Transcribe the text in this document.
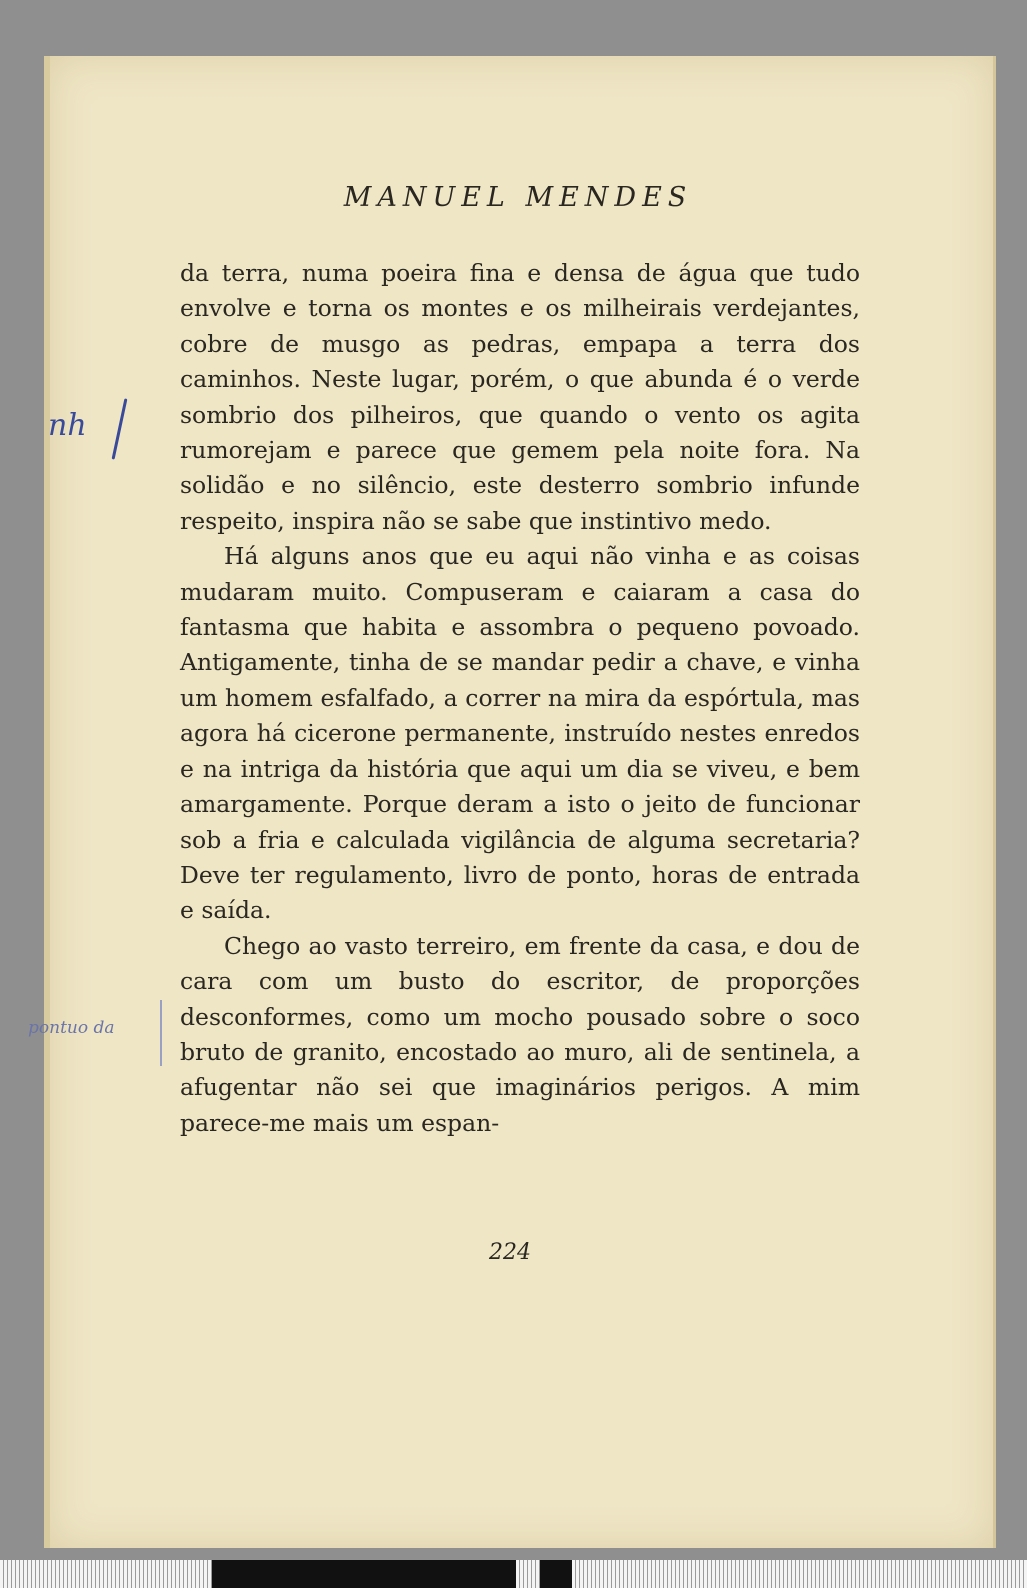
MANUEL MENDES

da terra, numa poeira fina e densa de água que tudo envolve e torna os montes e os milheirais verdejantes, cobre de musgo as pedras, empapa a terra dos caminhos. Neste lugar, porém, o que abunda é o verde sombrio dos pilheiros, que quando o vento os agita rumorejam e parece que gemem pela noite fora. Na solidão e no silêncio, este desterro sombrio infunde respeito, inspira não se sabe que instintivo medo.

Há alguns anos que eu aqui não vinha e as coisas mudaram muito. Compuseram e caiaram a casa do fantasma que habita e assombra o pequeno povoado. Antigamente, tinha de se mandar pedir a chave, e vinha um homem esfalfado, a correr na mira da espórtula, mas agora há cicerone permanente, instruído nestes enredos e na intriga da história que aqui um dia se viveu, e bem amargamente. Porque deram a isto o jeito de funcionar sob a fria e calculada vigilância de alguma secretaria? Deve ter regulamento, livro de ponto, horas de entrada e saída.

Chego ao vasto terreiro, em frente da casa, e dou de cara com um busto do escritor, de proporções desconformes, como um mocho pousado sobre o soco bruto de granito, encostado ao muro, ali de sentinela, a afugentar não sei que imaginários perigos. A mim parece-me mais um espan-

224
nh
pontuo da
